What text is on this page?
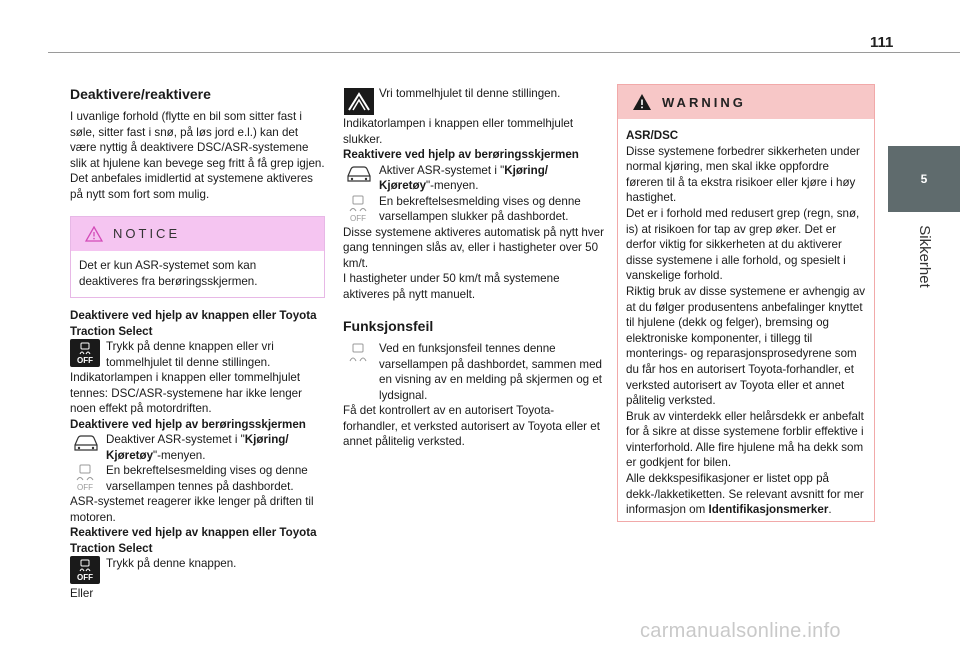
111
5
Sikkerhet
Deaktivere/reaktivere

I uvanlige forhold (flytte en bil som sitter fast i søle, sitter fast i snø, på løs jord e.l.) kan det være nyttig å deaktivere DSC/ASR-systemene slik at hjulene kan bevege seg fritt å få grep igjen.

Det anbefales imidlertid at systemene aktiveres på nytt som fort som mulig.

NOTICE

Det er kun ASR-systemet som kan deaktiveres fra berøringsskjermen.

Deaktivere ved hjelp av knappen eller Toyota Traction Select

OFF
Trykk på denne knappen eller vri tommelhjulet til denne stillingen.

Indikatorlampen i knappen eller tommelhjulet tennes: DSC/ASR-systemene har ikke lenger noen effekt på motordriften.

Deaktivere ved hjelp av berøringsskjermen

Deaktiver ASR-systemet i "Kjøring/ Kjøretøy"-menyen.
OFF
En bekreftelsesmelding vises og denne varsellampen tennes på dashbordet.

ASR-systemet reagerer ikke lenger på driften til motoren.

Reaktivere ved hjelp av knappen eller Toyota Traction Select

OFF
Trykk på denne knappen.

Eller

Vri tommelhjulet til denne stillingen.

Indikatorlampen i knappen eller tommelhjulet slukker.

Reaktivere ved hjelp av berøringsskjermen

Aktiver ASR-systemet i "Kjøring/ Kjøretøy"-menyen.
OFF
En bekreftelsesmelding vises og denne varsellampen slukker på dashbordet.

Disse systemene aktiveres automatisk på nytt hver gang tenningen slås av, eller i hastigheter over 50 km/t.

I hastigheter under 50 km/t må systemene aktiveres på nytt manuelt.

Funksjonsfeil
Ved en funksjonsfeil tennes denne varsellampen på dashbordet, sammen med en visning av en melding på skjermen og et lydsignal.

Få det kontrollert av en autorisert Toyota-forhandler, et verksted autorisert av Toyota eller et annet pålitelig verksted.

WARNING

ASR/DSC

Disse systemene forbedrer sikkerheten under normal kjøring, men skal ikke oppfordre føreren til å ta ekstra risikoer eller kjøre i høy hastighet.

Det er i forhold med redusert grep (regn, snø, is) at risikoen for tap av grep øker. Det er derfor viktig for sikkerheten at du aktiverer disse systemene i alle forhold, og spesielt i vanskelige forhold.

Riktig bruk av disse systemene er avhengig av at du følger produsentens anbefalinger knyttet til hjulene (dekk og felger), bremsing og elektroniske komponenter, i tillegg til monterings- og reparasjonsprosedyrene som du får hos en autorisert Toyota-forhandler, et verksted autorisert av Toyota eller et annet pålitelig verksted.

Bruk av vinterdekk eller helårsdekk er anbefalt for å sikre at disse systemene forblir effektive i vinterforhold. Alle fire hjulene må ha dekk som er godkjent for bilen.

Alle dekkspesifikasjoner er listet opp på dekk-/lakketiketten. Se relevant avsnitt for mer informasjon om Identifikasjonsmerker.

carmanualsonline.info
